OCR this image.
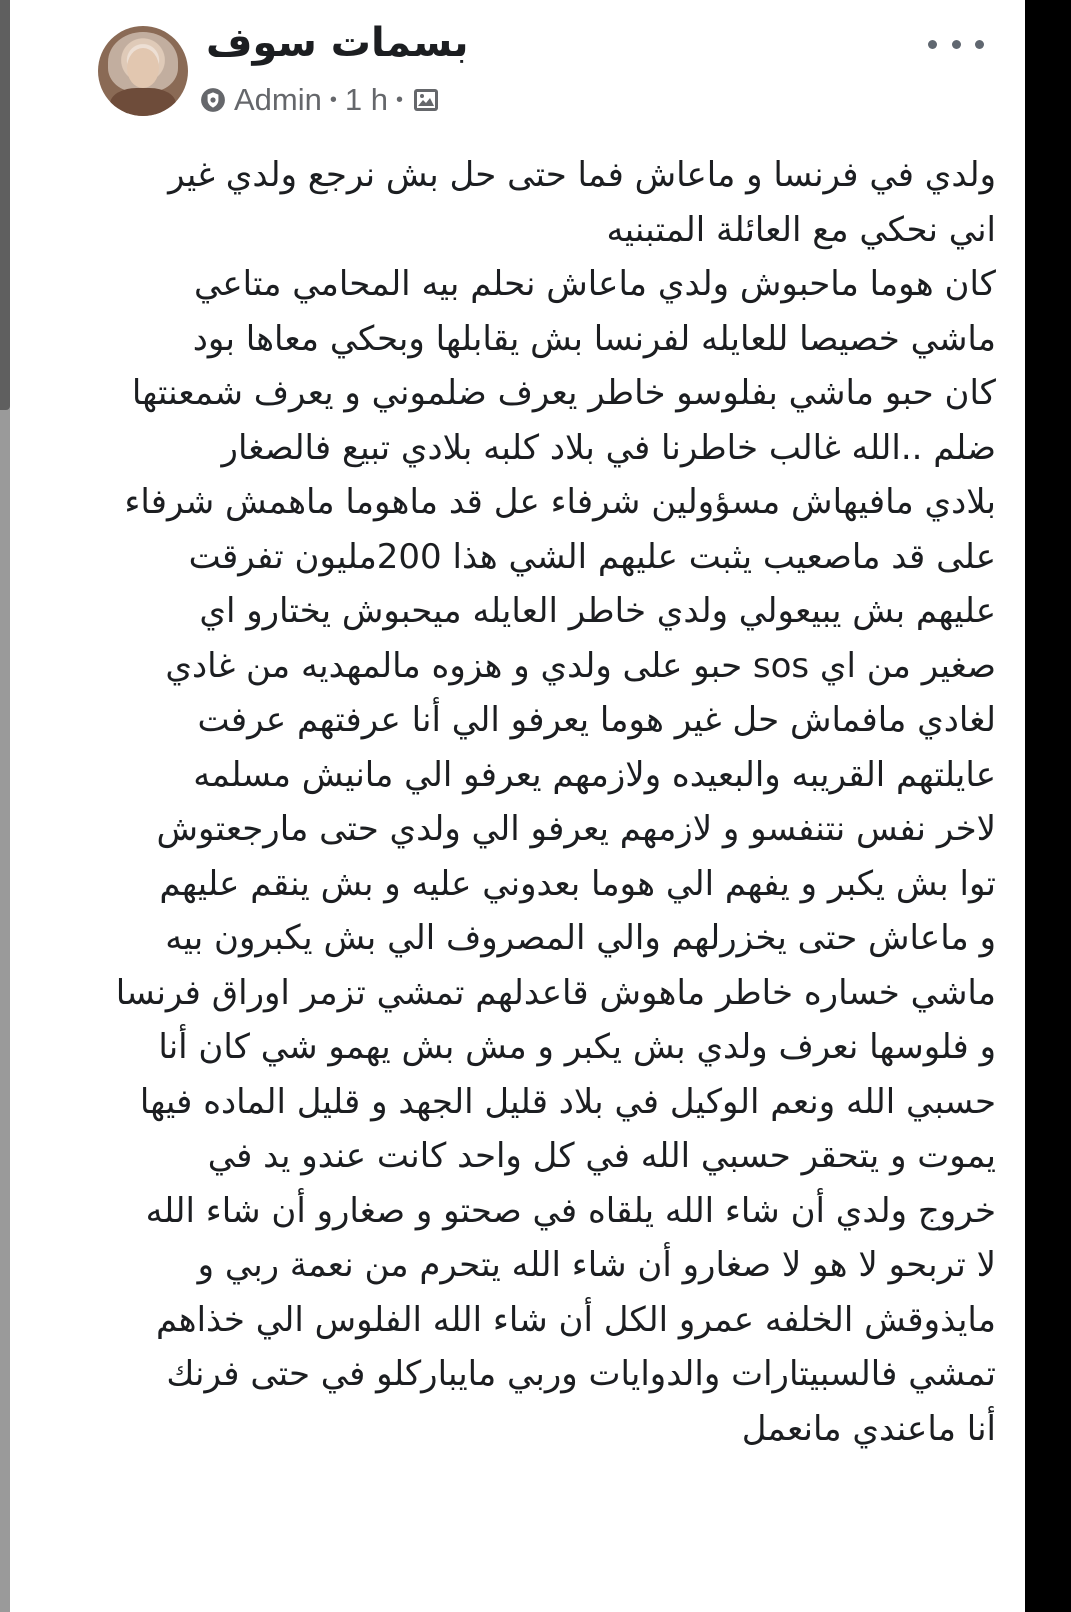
بسمات سوف
Admin • 1 h •
ولدي في فرنسا و ماعاش فما حتى حل بش نرجع ولدي غير
اني نحكي مع العائلة المتبنيه
كان هوما ماحبوش ولدي ماعاش نحلم بيه المحامي متاعي
ماشي خصيصا للعايله لفرنسا بش يقابلها وبحكي معاها بود
كان حبو ماشي بفلوسو خاطر يعرف ضلموني و يعرف شمعنتها
ضلم ..الله غالب خاطرنا في بلاد كلبه بلادي تبيع فالصغار
بلادي مافيهاش مسؤولين شرفاء عل قد ماهوما ماهمش شرفاء
على قد ماصعيب يثبت عليهم الشي هذا 200مليون تفرقت
عليهم بش يبيعولي ولدي خاطر العايله ميحبوش يختارو اي
صغير من اي sos حبو على ولدي و هزوه مالمهديه من غادي
لغادي مافماش حل غير هوما يعرفو الي أنا عرفتهم عرفت
عايلتهم القريبه والبعيده ولازمهم يعرفو الي مانيش مسلمه
لاخر نفس نتنفسو و لازمهم يعرفو الي ولدي حتى مارجعتوش
توا بش يكبر و يفهم الي هوما بعدوني عليه و بش ينقم عليهم
و ماعاش حتى يخزرلهم والي المصروف الي بش يكبرون بيه
ماشي خساره خاطر ماهوش قاعدلهم تمشي تزمر اوراق فرنسا
و فلوسها نعرف ولدي بش يكبر و مش بش يهمو شي كان أنا
حسبي الله ونعم الوكيل في بلاد قليل الجهد و قليل الماده فيها
يموت و يتحقر حسبي الله في كل واحد كانت عندو يد في
خروج ولدي أن شاء الله يلقاه في صحتو و صغارو أن شاء الله
لا تربحو لا هو لا صغارو أن شاء الله يتحرم من نعمة ربي و
مايذوقش الخلفه عمرو الكل أن شاء الله الفلوس الي خذاهم
تمشي فالسبيتارات والدوايات وربي مايباركلو في حتى فرنك
أنا ماعندي مانعمل
